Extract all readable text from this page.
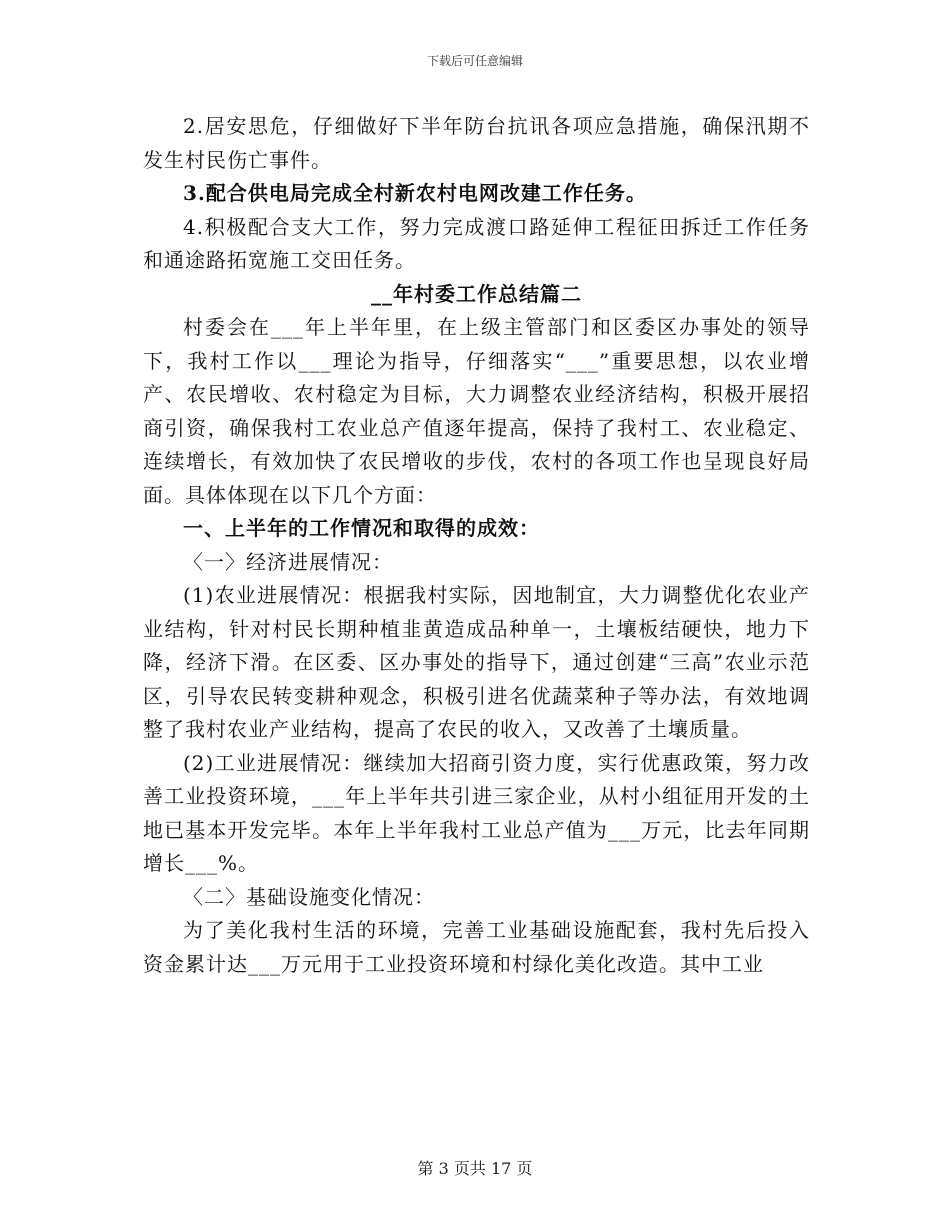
下载后可任意编辑

2.居安思危，仔细做好下半年防台抗讯各项应急措施，确保汛期不发生村民伤亡事件。

3.配合供电局完成全村新农村电网改建工作任务。

4.积极配合支大工作，努力完成渡口路延伸工程征田拆迁工作任务和通途路拓宽施工交田任务。

__年村委工作总结篇二

村委会在___年上半年里，在上级主管部门和区委区办事处的领导下，我村工作以___理论为指导，仔细落实“___”重要思想，以农业增产、农民增收、农村稳定为目标，大力调整农业经济结构，积极开展招商引资，确保我村工农业总产值逐年提高，保持了我村工、农业稳定、连续增长，有效加快了农民增收的步伐，农村的各项工作也呈现良好局面。具体体现在以下几个方面：

一、上半年的工作情况和取得的成效：

〈一〉经济进展情况：

(1)农业进展情况：根据我村实际，因地制宜，大力调整优化农业产业结构，针对村民长期种植韭黄造成品种单一，土壤板结硬快，地力下降，经济下滑。在区委、区办事处的指导下，通过创建“三高”农业示范区，引导农民转变耕种观念，积极引进名优蔬菜种子等办法，有效地调整了我村农业产业结构，提高了农民的收入，又改善了土壤质量。

(2)工业进展情况：继续加大招商引资力度，实行优惠政策，努力改善工业投资环境，___年上半年共引进三家企业，从村小组征用开发的土地已基本开发完毕。本年上半年我村工业总产值为___万元，比去年同期增长___%。

〈二〉基础设施变化情况：

为了美化我村生活的环境，完善工业基础设施配套，我村先后投入资金累计达___万元用于工业投资环境和村绿化美化改造。其中工业

第 3 页共 17 页
